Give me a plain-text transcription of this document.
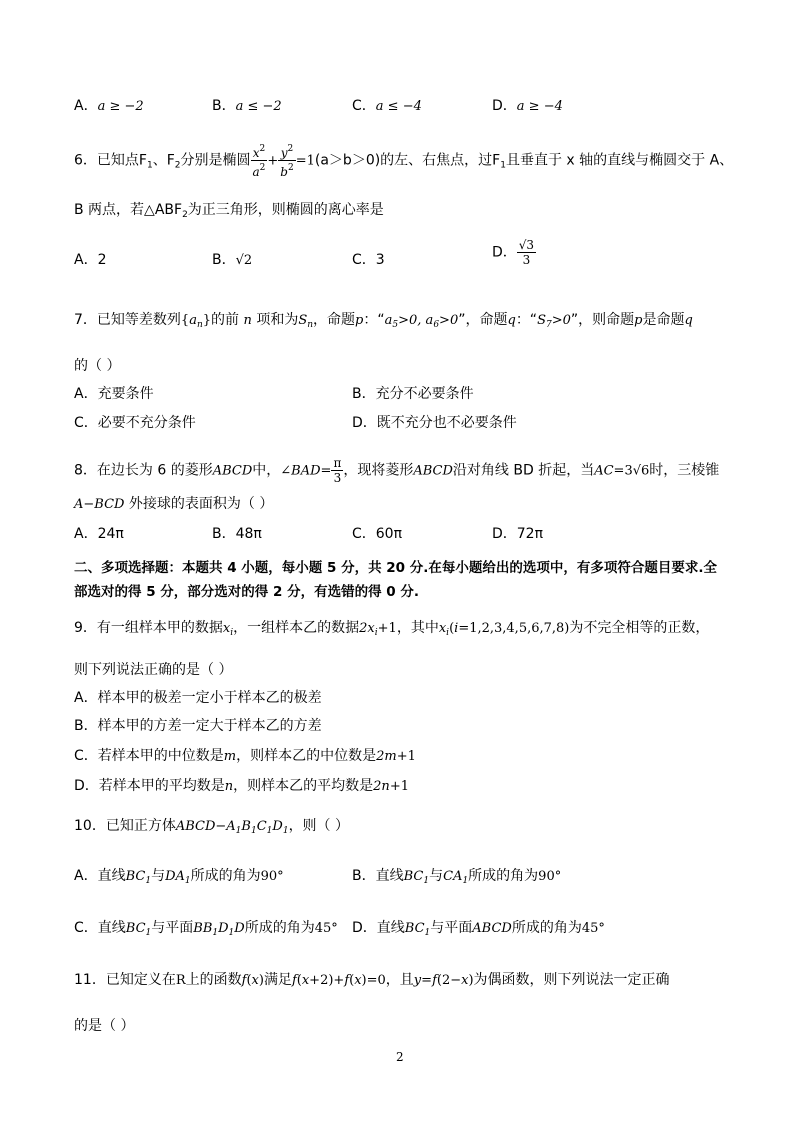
A．a ≥ −2	B．a ≤ −2	C．a ≤ −4	D．a ≥ −4
6．已知点$F_1$、$F_2$分别是椭圆 $\frac{x^2}{a^2} + \frac{y^2}{b^2} =1(a>b>0)$的左、右焦点，过$F_1$且垂直于 x 轴的直线与椭圆交于 A、
B 两点，若$\triangle ABF_2$为正三角形，则椭圆的离心率是
A．2	B．√2	C．3	D． $\frac{√3}{3}$
7．已知等差数列$\{a_n\}$的前 n 项和为$S_n$，命题p：“$a_5>0$, $a_6>0$”，命题q：“$S_7>0$”，则命题p是命题q
的（ ）
A．充要条件	B．充分不必要条件
C．必要不充分条件	D．既不充分也不必要条件
8．在边长为 6 的菱形ABCD中，∠BAD= $\frac{\pi}{3}$ ，现将菱形ABCD沿对角线 BD 折起，当AC=3√6时，三棱锥
A−BCD 外接球的表面积为（ ）
A．24π	B．48π	C．60π	D．72π
二、多项选择题：本题共 4 小题，每小题 5 分，共 20 分.在每小题给出的选项中，有多项符合题目要求.全
部选对的得 5 分，部分选对的得 2 分，有选错的得 0 分.
9．有一组样本甲的数据$x_i$，一组样本乙的数据$2x_i+1$，其中$x_i(i=1,2,3,4,5,6,7,8)$为不完全相等的正数，
则下列说法正确的是（ ）
A．样本甲的极差一定小于样本乙的极差
B．样本甲的方差一定大于样本乙的方差
C．若样本甲的中位数是m，则样本乙的中位数是2m+1
D．若样本甲的平均数是n，则样本乙的平均数是2n+1
10．已知正方体$ABCD-A_1B_1C_1D_1$，则（ ）
A．直线$BC_1$与$DA_1$所成的角为90°	B．直线$BC_1$与$CA_1$所成的角为90°
C．直线$BC_1$与平面$BB_1D_1D$所成的角为45° D．直线$BC_1$与平面ABCD所成的角为45°
11．已知定义在R上的函数f(x)满足f(x+2)+f(x)=0，且y=f(2−x)为偶函数，则下列说法一定正确
的是（ ）
2
